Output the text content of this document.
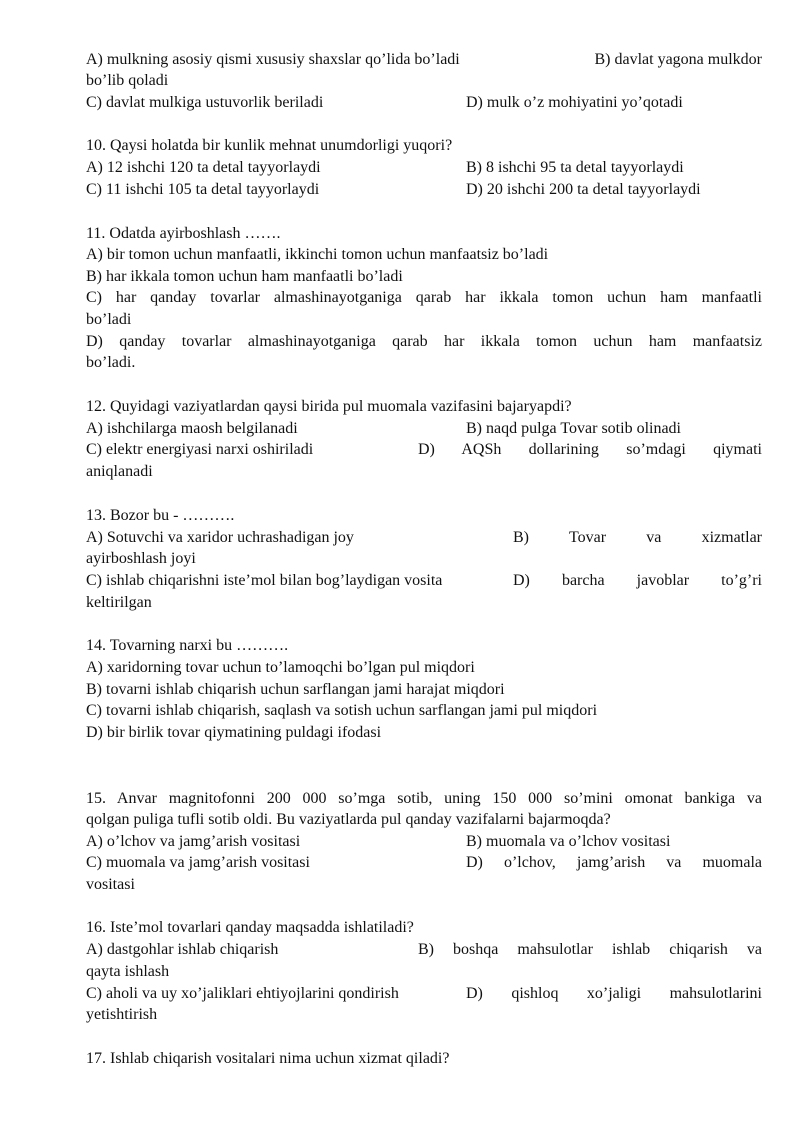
A) mulkning asosiy qismi xususiy shaxslar qo’lida bo’ladi	B) davlat yagona mulkdor
bo’lib qoladi
C) davlat mulkiga ustuvorlik beriladi	D) mulk o’z mohiyatini yo’qotadi
10. Qaysi holatda bir kunlik mehnat unumdorligi yuqori?
A) 12 ishchi 120 ta detal tayyorlaydi	B) 8 ishchi 95 ta detal tayyorlaydi
C) 11 ishchi 105 ta detal tayyorlaydi	D) 20 ishchi 200 ta detal tayyorlaydi
11. Odatda ayirboshlash …….
A) bir tomon uchun manfaatli, ikkinchi tomon uchun manfaatsiz bo’ladi
B) har ikkala tomon uchun ham manfaatli bo’ladi
C) har qanday tovarlar almashinayotganiga qarab har ikkala tomon uchun ham manfaatli
bo’ladi
D) qanday tovarlar almashinayotganiga qarab har ikkala tomon uchun ham manfaatsiz
bo’ladi.
12. Quyidagi vaziyatlardan qaysi birida pul muomala vazifasini bajaryapdi?
A) ishchilarga maosh belgilanadi	B) naqd pulga Tovar sotib olinadi
C) elektr energiyasi narxi oshiriladi	D) AQSh dollarining so’mdagi qiymati
aniqlanadi
13. Bozor bu - ……….
A) Sotuvchi va xaridor uchrashadigan joy	B) Tovar va xizmatlar
ayirboshlash joyi
C) ishlab chiqarishni iste’mol bilan bog’laydigan vosita	D) barcha javoblar to’g’ri
keltirilgan
14. Tovarning narxi bu ……….
A) xaridorning tovar uchun to’lamoqchi bo’lgan pul miqdori
B) tovarni ishlab chiqarish uchun sarflangan jami harajat miqdori
C) tovarni ishlab chiqarish, saqlash va sotish uchun sarflangan jami pul miqdori
D) bir birlik tovar qiymatining puldagi ifodasi
15. Anvar magnitofonni 200 000 so’mga sotib, uning 150 000 so’mini omonat bankiga va
qolgan puliga tufli sotib oldi. Bu vaziyatlarda pul qanday vazifalarni bajarmoqda?
A) o’lchov va jamg’arish vositasi	B) muomala va o’lchov vositasi
C) muomala va jamg’arish vositasi	D) o’lchov, jamg’arish va muomala
vositasi
16. Iste’mol tovarlari qanday maqsadda ishlatiladi?
A) dastgohlar ishlab chiqarish	B) boshqa mahsulotlar ishlab chiqarish va
qayta ishlash
C) aholi va uy xo’jaliklari ehtiyojlarini qondirish	D) qishloq xo’jaligi mahsulotlarini
yetishtirish
17. Ishlab chiqarish vositalari nima uchun xizmat qiladi?
